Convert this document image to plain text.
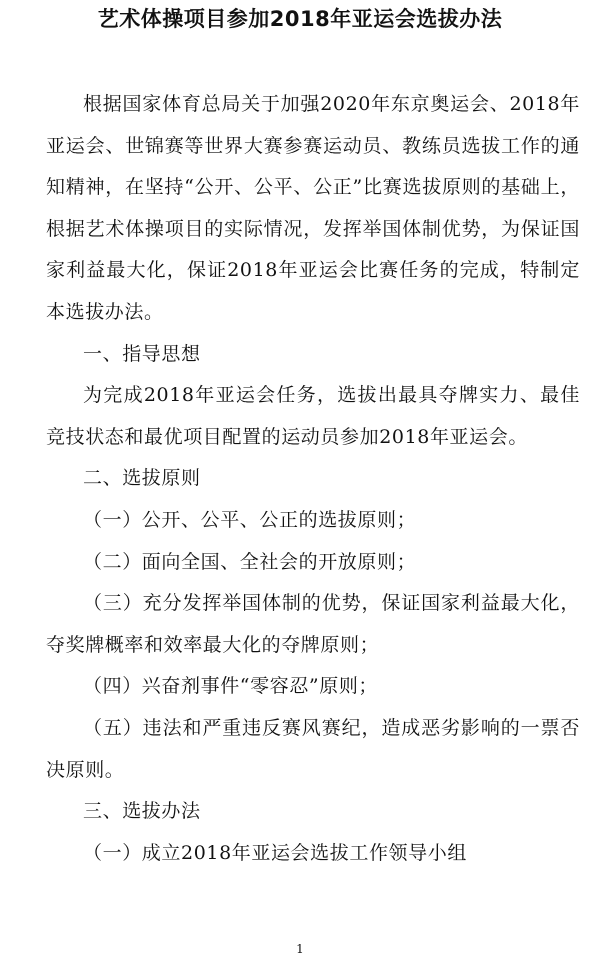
艺术体操项目参加2018年亚运会选拔办法

根据国家体育总局关于加强2020年东京奥运会、2018年亚运会、世锦赛等世界大赛参赛运动员、教练员选拔工作的通知精神，在坚持“公开、公平、公正”比赛选拔原则的基础上，根据艺术体操项目的实际情况，发挥举国体制优势，为保证国家利益最大化，保证2018年亚运会比赛任务的完成，特制定本选拔办法。

一、指导思想

为完成2018年亚运会任务，选拔出最具夺牌实力、最佳竞技状态和最优项目配置的运动员参加2018年亚运会。

二、选拔原则

（一）公开、公平、公正的选拔原则；

（二）面向全国、全社会的开放原则；

（三）充分发挥举国体制的优势，保证国家利益最大化，夺奖牌概率和效率最大化的夺牌原则；

（四）兴奋剂事件“零容忍”原则；

（五）违法和严重违反赛风赛纪，造成恶劣影响的一票否决原则。

三、选拔办法

（一）成立2018年亚运会选拔工作领导小组

1
